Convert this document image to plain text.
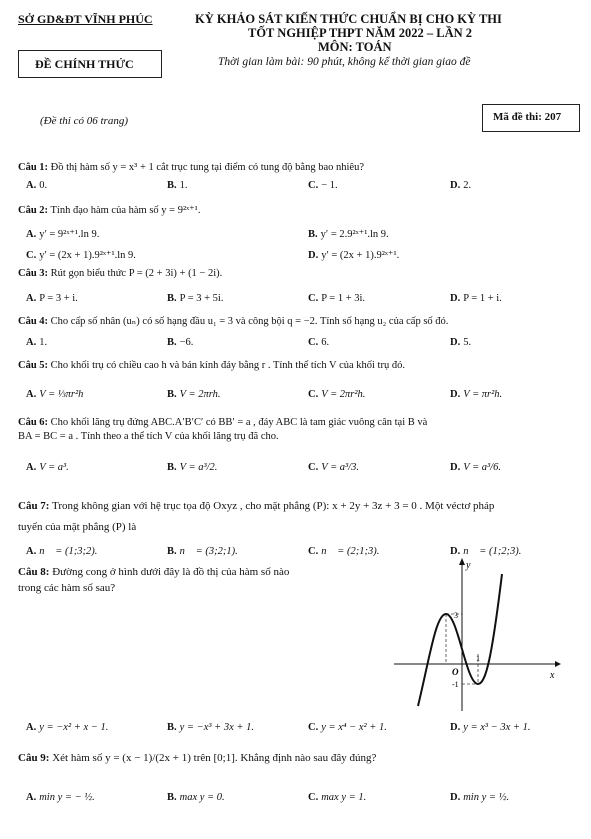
SỞ GD&ĐT VĨNH PHÚC
ĐỀ CHÍNH THỨC
KỲ KHẢO SÁT KIẾN THỨC CHUẨN BỊ CHO KỲ THI
TỐT NGHIỆP THPT NĂM 2022 – LẦN 2
MÔN: TOÁN
Thời gian làm bài: 90 phút, không kể thời gian giao đề
(Đề thi có 06 trang)	Mã đề thi: 207
Câu 1: Đồ thị hàm số y = x³ + 1 cắt trục tung tại điểm có tung độ bằng bao nhiêu?
A. 0.	B. 1.	C. − 1.	D. 2.
Câu 2: Tính đạo hàm của hàm số y = 9²ˣ⁺¹.
A. y′ = 9²ˣ⁺¹.ln 9.	B. y′ = 2.9²ˣ⁺¹.ln 9.
C. y′ = (2x + 1).9²ˣ⁺¹.ln 9.	D. y′ = (2x + 1).9²ˣ⁺¹.
Câu 3: Rút gọn biểu thức P = (2 + 3i) + (1 − 2i).
A. P = 3 + i.	B. P = 3 + 5i.	C. P = 1 + 3i.	D. P = 1 + i.
Câu 4: Cho cấp số nhân (uₙ) có số hạng đầu u₁ = 3 và công bội q = −2. Tính số hạng u₂ của cấp số đó.
A. 1.	B. −6.	C. 6.	D. 5.
Câu 5: Cho khối trụ có chiều cao h và bán kính đáy bằng r . Tính thể tích V của khối trụ đó.
A. V = ⅓πr²h	B. V = 2πrh.	C. V = 2πr²h.	D. V = πr²h.
Câu 6: Cho khối lăng trụ đứng ABC.A′B′C′ có BB′ = a , đáy ABC là tam giác vuông cân tại B và
BA = BC = a . Tính theo a thể tích V của khối lăng trụ đã cho.
A. V = a³.	B. V = a³/2.	C. V = a³/3.	D. V = a³/6.
Câu 7: Trong không gian với hệ trục tọa độ Oxyz , cho mặt phẳng (P): x + 2y + 3z + 3 = 0 . Một véctơ pháp
tuyến của mặt phẳng (P) là
A. n⃗ = (1;3;2).	B. n⃗ = (3;2;1).	C. n⃗ = (2;1;3).	D. n⃗ = (1;2;3).
Câu 8: Đường cong ở hình dưới đây là đồ thị của hàm số nào
trong các hàm số sau?
y
x
O
3
1
-1
A. y = −x² + x − 1.	B. y = −x³ + 3x + 1.	C. y = x⁴ − x² + 1.	D. y = x³ − 3x + 1.
Câu 9: Xét hàm số y = (x − 1)/(2x + 1) trên [0;1]. Khẳng định nào sau đây đúng?
A. min y = − ½.	B. max y = 0.	C. max y = 1.	D. min y = ½.
